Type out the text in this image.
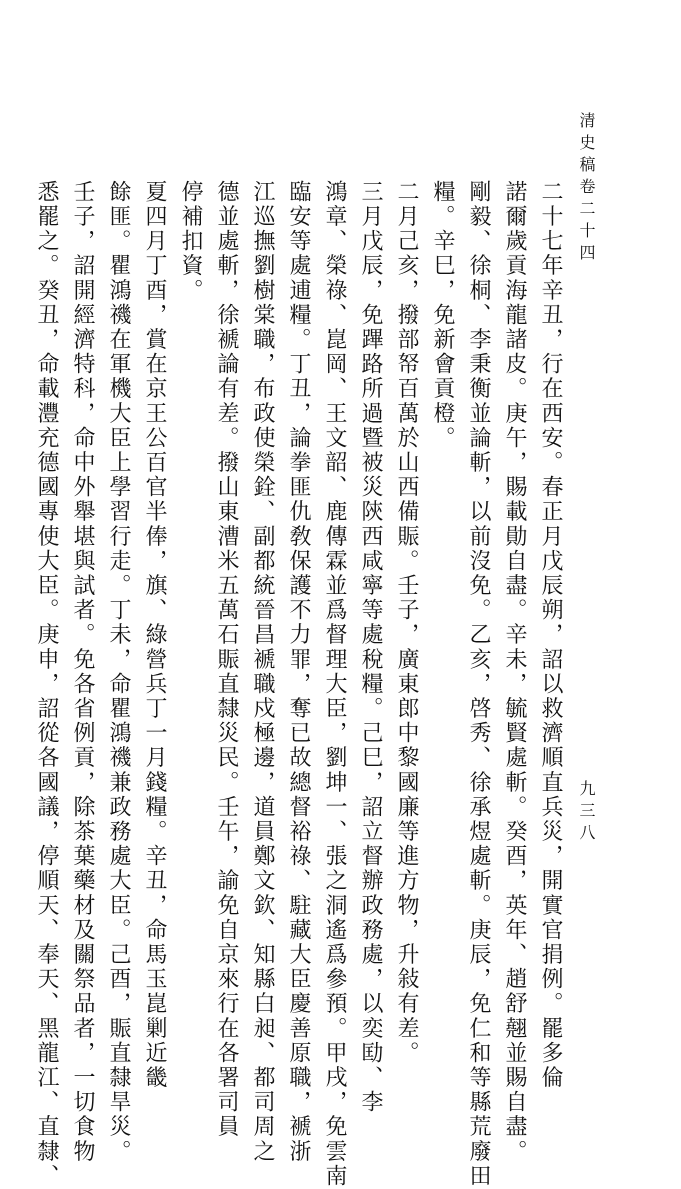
清史稿卷二十四
九三八
二十七年辛丑，行在西安。春正月戊辰朔，詔以救濟順直兵災，開實官捐例。罷多倫
諾爾歲貢海龍諸皮。庚午，賜載勛自盡。辛未，毓賢處斬。癸酉，英年、趙舒翹並賜自盡。
剛毅、徐桐、李秉衡並論斬，以前沒免。乙亥，啓秀、徐承煜處斬。庚辰，免仁和等縣荒廢田
糧。辛巳，免新會貢橙。
二月己亥，撥部帑百萬於山西備賑。壬子，廣東郎中黎國廉等進方物，升敍有差。
三月戊辰，免蹕路所過暨被災陝西咸寧等處稅糧。己巳，詔立督辦政務處，以奕劻、李
鴻章、榮祿、崑岡、王文韶、鹿傳霖並爲督理大臣，劉坤一、張之洞遙爲參預。甲戌，免雲南
臨安等處逋糧。丁丑，論拳匪仇敎保護不力罪，奪已故總督裕祿、駐藏大臣慶善原職，褫浙
江巡撫劉樹棠職，布政使榮銓、副都統晉昌褫職戍極邊，道員鄭文欽、知縣白昶、都司周之
德並處斬，徐褫論有差。撥山東漕米五萬石賑直隸災民。壬午，諭免自京來行在各署司員
停補扣資。
夏四月丁酉，賞在京王公百官半俸，旗、綠營兵丁一月錢糧。辛丑，命馬玉崑剿近畿
餘匪。瞿鴻禨在軍機大臣上學習行走。丁未，命瞿鴻禨兼政務處大臣。己酉，賑直隸旱災。
壬子，詔開經濟特科，命中外舉堪與試者。免各省例貢，除茶葉藥材及關祭品者，一切食物
悉罷之。癸丑，命載灃充德國專使大臣。庚申，詔從各國議，停順天、奉天、黑龍江、直隸、
